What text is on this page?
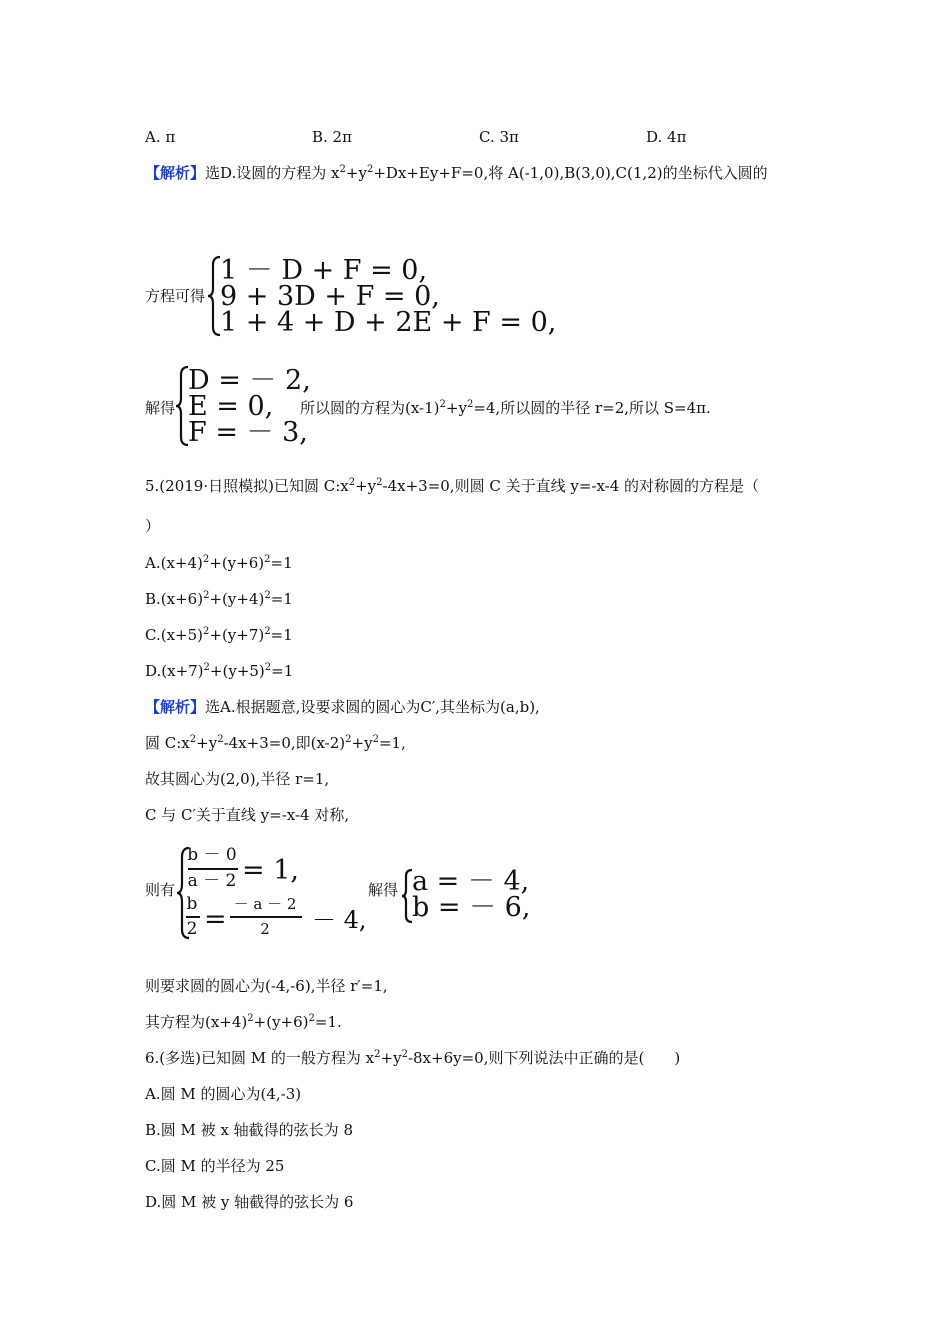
A. π	B. 2π	C. 3π	D. 4π
【解析】选D.设圆的方程为 $x^2+y^2+Dx+Ey+F=0$,将 A(-1,0),B(3,0),C(1,2)的坐标代入圆的
方程可得
1 － D + F = 0,
9 + 3D + F = 0,
1 + 4 + D + 2E + F = 0,
解得
D = － 2,
E = 0,
F = － 3,
所以圆的方程为$(x-1)^2+y^2=4$,所以圆的半径 r=2,所以 S=4π.
5.(2019·日照模拟)已知圆 $C:x^2+y^2-4x+3=0$,则圆 C 关于直线 y=-x-4 的对称圆的方程是（
）
$A.(x+4)^2+(y+6)^2=1$
$B.(x+6)^2+(y+4)^2=1$
$C.(x+5)^2+(y+7)^2=1$
$D.(x+7)^2+(y+5)^2=1$
【解析】选A.根据题意,设要求圆的圆心为C′,其坐标为(a,b),
圆 $C:x^2+y^2-4x+3=0$,即$(x-2)^2+y^2=1$,
故其圆心为(2,0),半径 r=1,
C 与 C′关于直线 y=-x-4 对称,
则有
b － 0
a － 2 = 1,
b
2 = － a － 2
2	－ 4,
解得 a = － 4,
b = － 6,
则要求圆的圆心为(-4,-6),半径 r′=1,
其方程为$(x+4)^2+(y+6)^2=1$.
6.(多选)已知圆 M 的一般方程为 $x^2+y^2-8x+6y=0$,则下列说法中正确的是(　　)
A.圆 M 的圆心为(4,-3)
B.圆 M 被 x 轴截得的弦长为 8
C.圆 M 的半径为 25
D.圆 M 被 y 轴截得的弦长为 6
